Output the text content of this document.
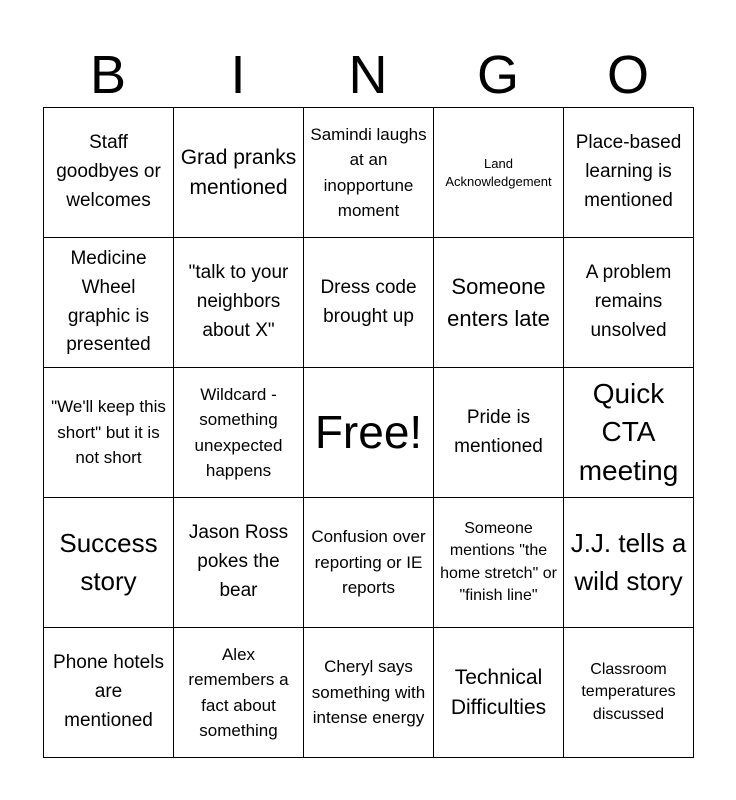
B	I	N	G	O
Staff goodbyes or welcomes	Grad pranks mentioned	Samindi laughs at an inopportune moment	Land Acknowledgement	Place-based learning is mentioned

Medicine Wheel graphic is presented	"talk to your neighbors about X"	Dress code brought up	Someone enters late	A problem remains unsolved

"We'll keep this short" but it is not short	Wildcard - something unexpected happens	Free!	Pride is mentioned	Quick CTA meeting

Success story	Jason Ross pokes the bear	Confusion over reporting or IE reports	Someone mentions "the home stretch" or "finish line"	J.J. tells a wild story

Phone hotels are mentioned	Alex remembers a fact about something	Cheryl says something with intense energy	Technical Difficulties	Classroom temperatures discussed
